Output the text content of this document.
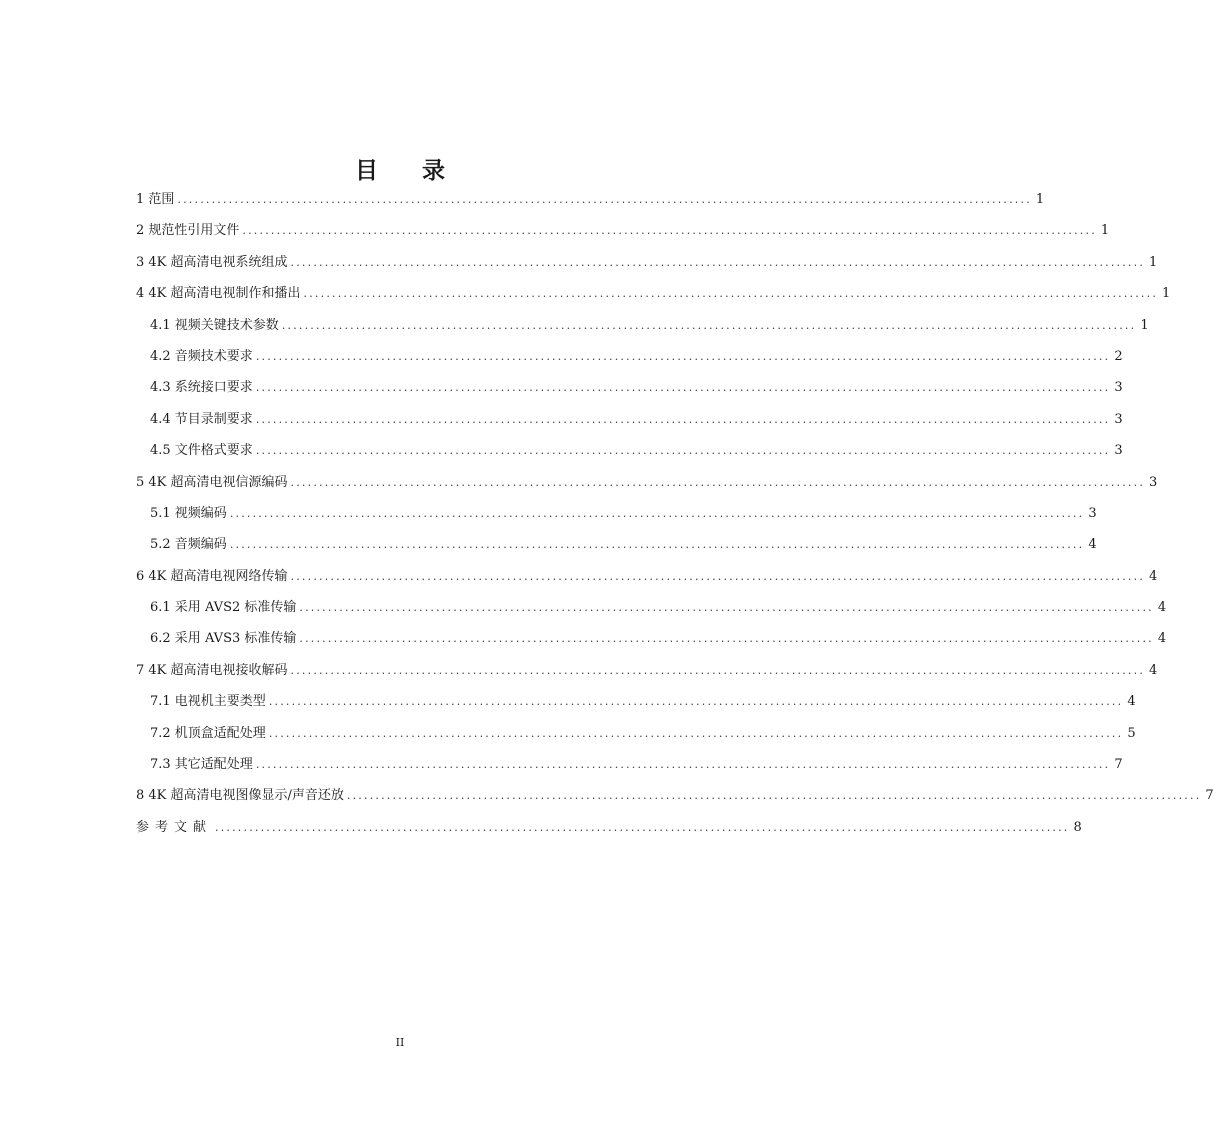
目 录
1 范围 ...................................................................................................................................................... 1
2 规范性引用文件 ...................................................................................................................................................... 1
3 4K 超高清电视系统组成 ...................................................................................................................................................... 1
4 4K 超高清电视制作和播出 ...................................................................................................................................................... 1
4.1 视频关键技术参数 ...................................................................................................................................................... 1
4.2 音频技术要求 ...................................................................................................................................................... 2
4.3 系统接口要求 ...................................................................................................................................................... 3
4.4 节目录制要求 ...................................................................................................................................................... 3
4.5 文件格式要求 ...................................................................................................................................................... 3
5 4K 超高清电视信源编码 ...................................................................................................................................................... 3
5.1 视频编码 ...................................................................................................................................................... 3
5.2 音频编码 ...................................................................................................................................................... 4
6 4K 超高清电视网络传输 ...................................................................................................................................................... 4
6.1 采用 AVS2 标准传输 ...................................................................................................................................................... 4
6.2 采用 AVS3 标准传输 ...................................................................................................................................................... 4
7 4K 超高清电视接收解码 ...................................................................................................................................................... 4
7.1 电视机主要类型 ...................................................................................................................................................... 4
7.2 机顶盒适配处理 ...................................................................................................................................................... 5
7.3 其它适配处理 ...................................................................................................................................................... 7
8 4K 超高清电视图像显示/声音还放 ...................................................................................................................................................... 7
参考文献 ...................................................................................................................................................... 8
II
